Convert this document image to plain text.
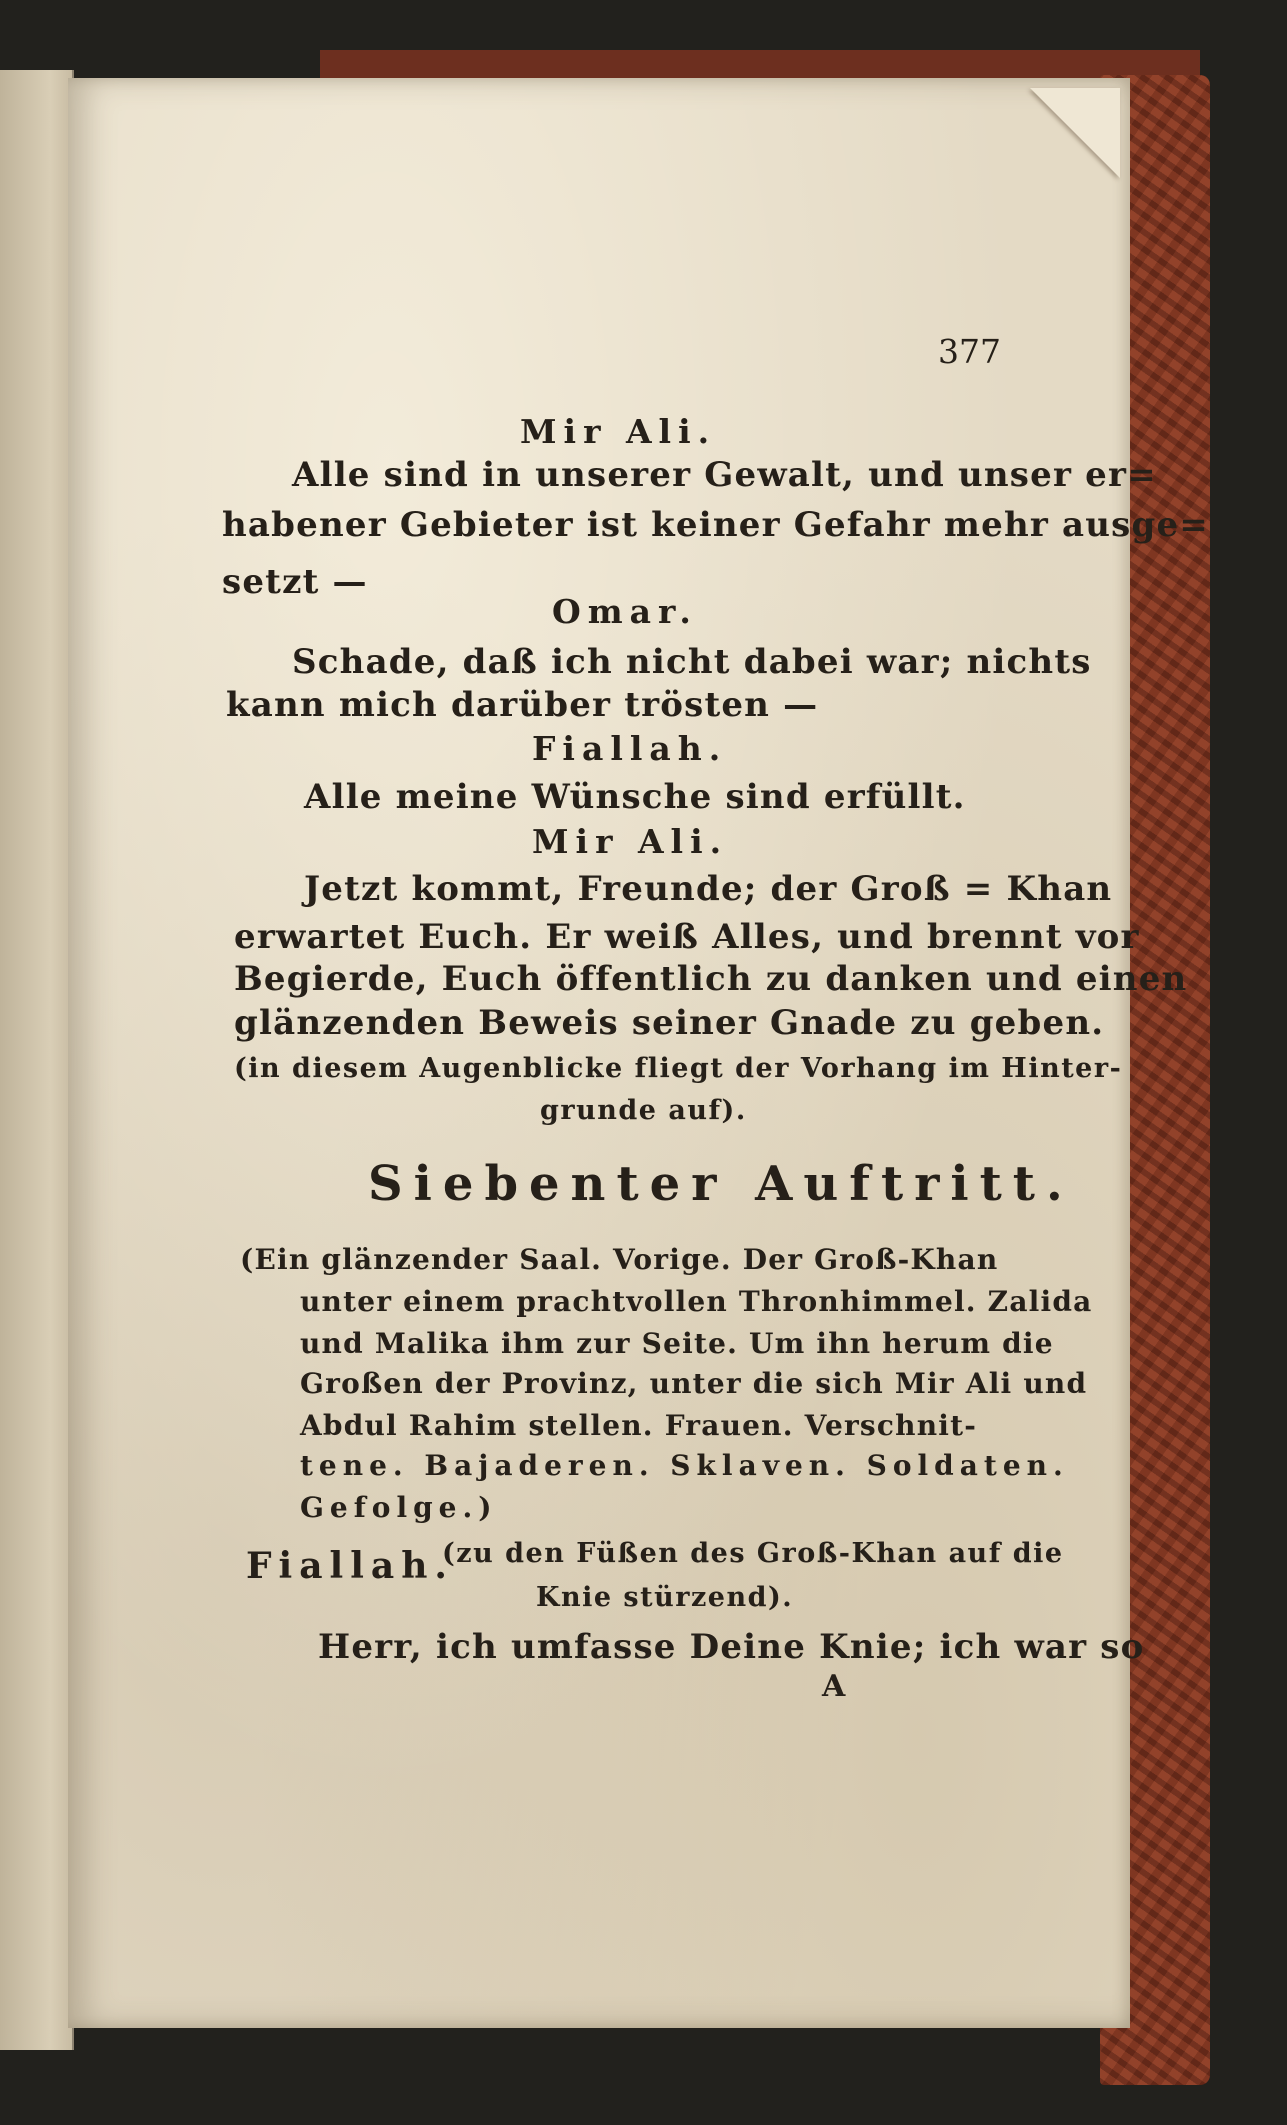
377
Mir Ali.
Alle sind in unserer Gewalt, und unser er=
habener Gebieter ist keiner Gefahr mehr ausge=
setzt —
Omar.
Schade, daß ich nicht dabei war; nichts
kann mich darüber trösten —
Fiallah.
Alle meine Wünsche sind erfüllt.
Mir Ali.
Jetzt kommt, Freunde; der Groß = Khan
erwartet Euch. Er weiß Alles, und brennt vor
Begierde, Euch öffentlich zu danken und einen
glänzenden Beweis seiner Gnade zu geben.
(in diesem Augenblicke fliegt der Vorhang im Hinter-
grunde auf).
Siebenter Auftritt.
(Ein glänzender Saal. Vorige. Der Groß-Khan
unter einem prachtvollen Thronhimmel. Zalida
und Malika ihm zur Seite. Um ihn herum die
Großen der Provinz, unter die sich Mir Ali und
Abdul Rahim stellen. Frauen. Verschnit-
tene. Bajaderen. Sklaven. Soldaten.
Gefolge.)
Fiallah.
(zu den Füßen des Groß-Khan auf die
Knie stürzend).
Herr, ich umfasse Deine Knie; ich war so
A
